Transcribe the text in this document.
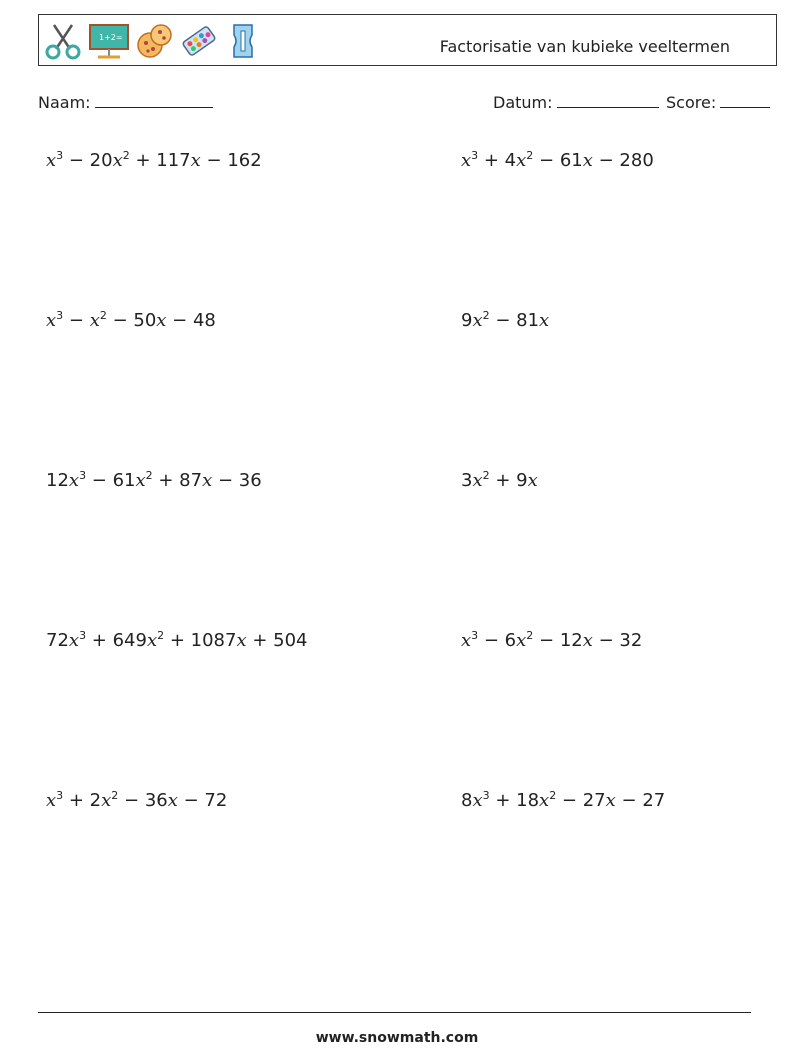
1+2=	Factorisatie van kubieke veeltermen
Naam:	Datum:	Score:
$x^3 - 20x^2 + 117x - 162$	$x^3 + 4x^2 - 61x - 280$
$x^3 - x^2 - 50x - 48$	$9x^2 - 81x$
$12x^3 - 61x^2 + 87x - 36$	$3x^2 + 9x$
$72x^3 + 649x^2 + 1087x + 504$	$x^3 - 6x^2 - 12x - 32$
$x^3 + 2x^2 - 36x - 72$	$8x^3 + 18x^2 - 27x - 27$
www.snowmath.com
